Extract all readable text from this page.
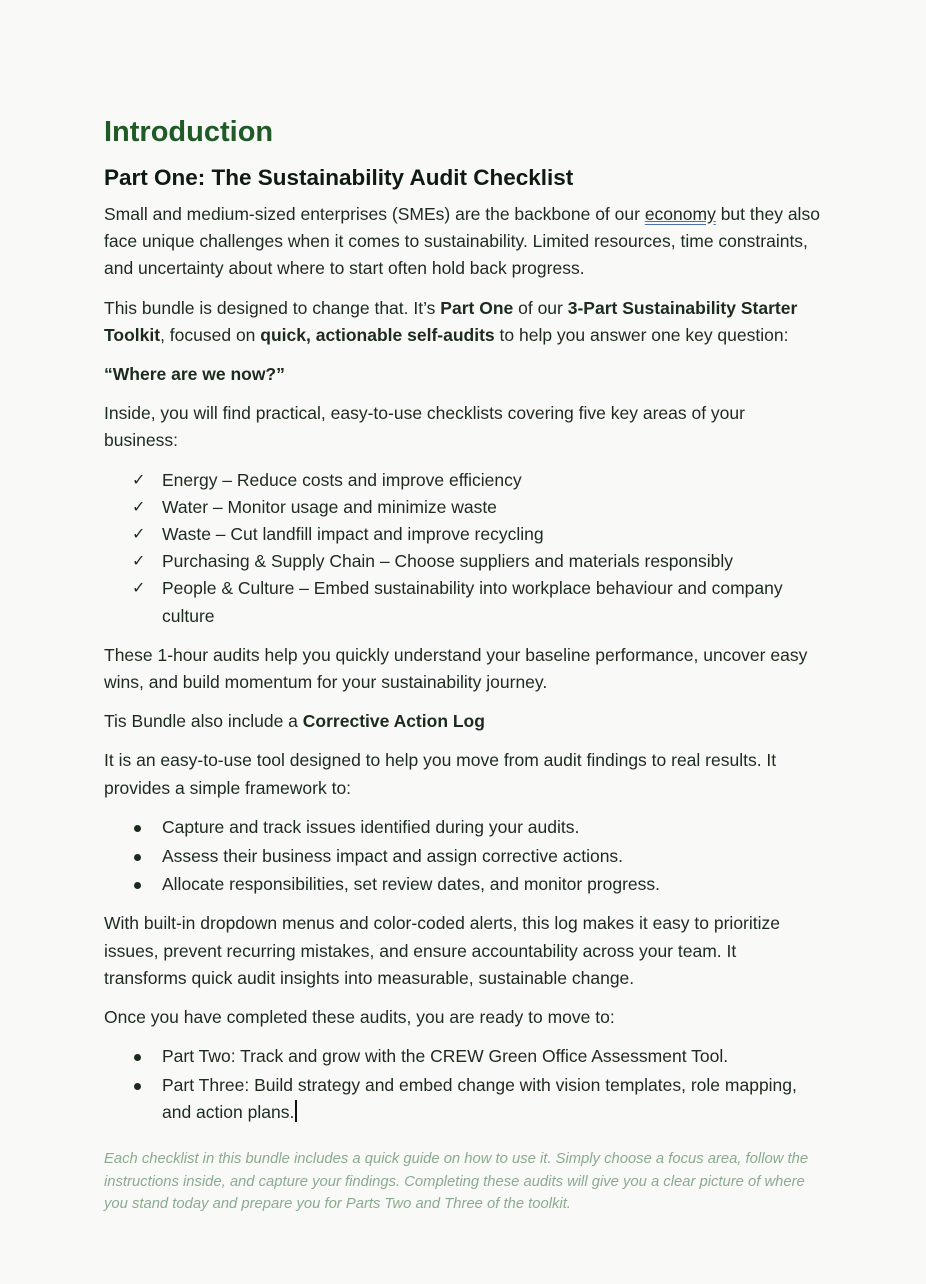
Introduction
Part One: The Sustainability Audit Checklist

Small and medium-sized enterprises (SMEs) are the backbone of our economy but they also face unique challenges when it comes to sustainability. Limited resources, time constraints, and uncertainty about where to start often hold back progress.

This bundle is designed to change that. It’s Part One of our 3-Part Sustainability Starter Toolkit, focused on quick, actionable self-audits to help you answer one key question:

“Where are we now?”

Inside, you will find practical, easy-to-use checklists covering five key areas of your business:

✓ Energy – Reduce costs and improve efficiency
✓ Water – Monitor usage and minimize waste
✓ Waste – Cut landfill impact and improve recycling
✓ Purchasing & Supply Chain – Choose suppliers and materials responsibly
✓ People & Culture – Embed sustainability into workplace behaviour and company culture

These 1-hour audits help you quickly understand your baseline performance, uncover easy wins, and build momentum for your sustainability journey.

Tis Bundle also include a Corrective Action Log

It is an easy-to-use tool designed to help you move from audit findings to real results. It provides a simple framework to:

Capture and track issues identified during your audits.
Assess their business impact and assign corrective actions.
Allocate responsibilities, set review dates, and monitor progress.

With built-in dropdown menus and color-coded alerts, this log makes it easy to prioritize issues, prevent recurring mistakes, and ensure accountability across your team. It transforms quick audit insights into measurable, sustainable change.

Once you have completed these audits, you are ready to move to:

Part Two: Track and grow with the CREW Green Office Assessment Tool.
Part Three: Build strategy and embed change with vision templates, role mapping, and action plans.
Each checklist in this bundle includes a quick guide on how to use it. Simply choose a focus area, follow the instructions inside, and capture your findings. Completing these audits will give you a clear picture of where you stand today and prepare you for Parts Two and Three of the toolkit.
